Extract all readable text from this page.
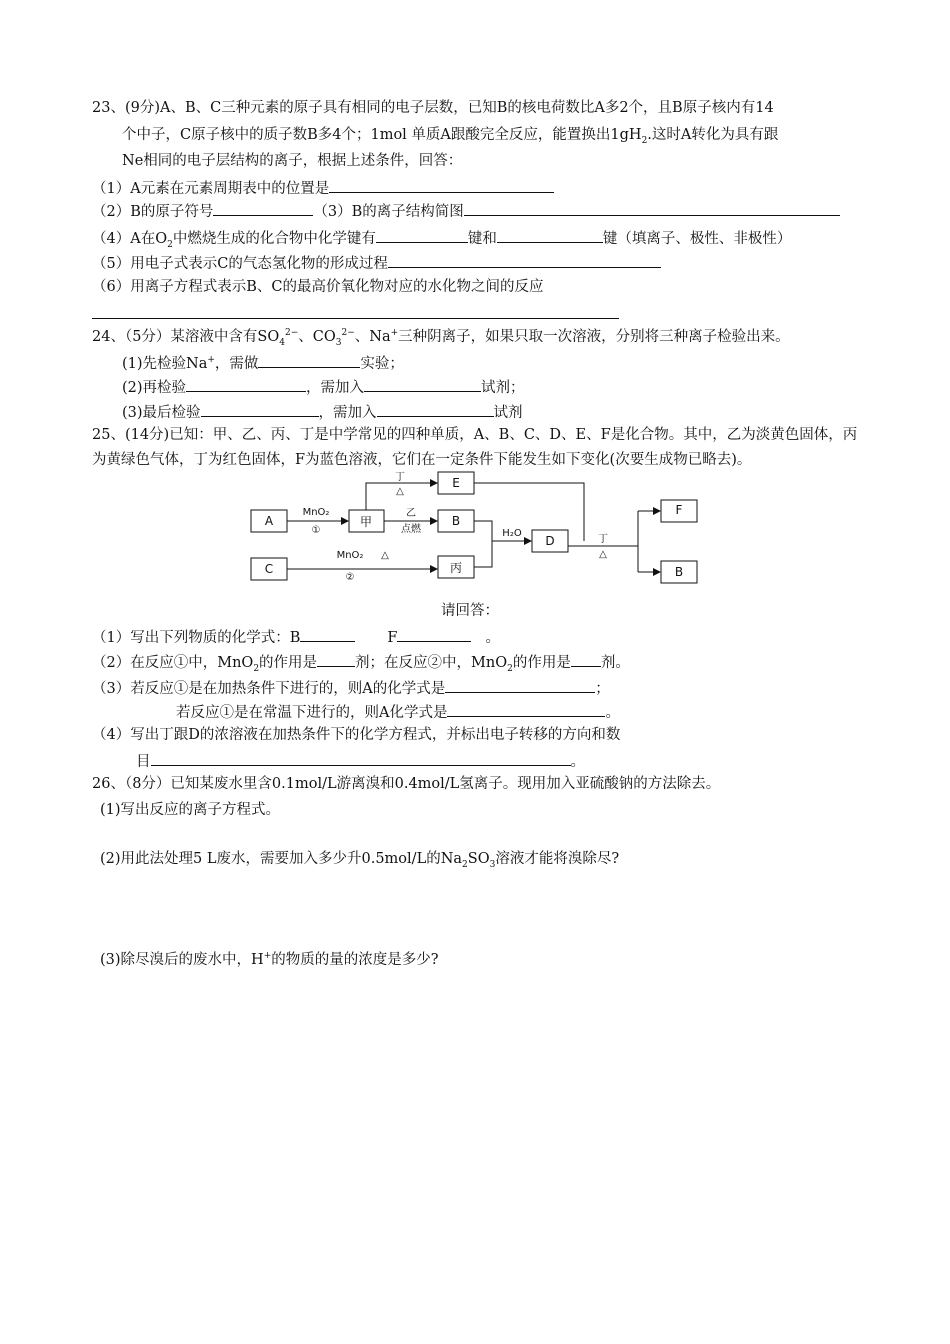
23、(9分)A、B、C三种元素的原子具有相同的电子层数，已知B的核电荷数比A多2个，且B原子核内有14
个中子，C原子核中的质子数B多4个；1mol 单质A跟酸完全反应，能置换出$1gH_2$.这时A转化为具有跟
Ne相同的电子层结构的离子，根据上述条件，回答：
（1）A元素在元素周期表中的位置是
（2）B的原子符号	（3）B的离子结构简图
（4）A在$O_2$中燃烧生成的化合物中化学键有	键和	键（填离子、极性、非极性）
（5）用电子式表示C的气态氢化物的形成过程
（6）用离子方程式表示B、C的最高价氧化物对应的水化物之间的反应
24、（5分）某溶液中含有$SO_4^{2-}$、$CO_3^{2-}$、Na+三种阴离子，如果只取一次溶液，分别将三种离子检验出来。
(1)先检验Na+，需做	实验；
(2)再检验	，需加入	试剂；
(3)最后检验	，需加入	试剂
25、(14分)已知：甲、乙、丙、丁是中学常见的四种单质，A、B、C、D、E、F是化合物。其中，乙为淡黄色固体，丙
为黄绿色气体，丁为红色固体，F为蓝色溶液，它们在一定条件下能发生如下变化(次要生成物已略去)。
A	甲
C	丙
E
B
D
F
B
MnO₂
①
MnO₂ △
②
丁
△
乙
点燃	H₂O
丁
△
请回答：
（1）写出下列物质的化学式：B	F	。
（2）在反应①中，MnO$_2$的作用是	剂；在反应②中，MnO$_2$的作用是 剂。
（3）若反应①是在加热条件下进行的，则A的化学式是	；
若反应①是在常温下进行的，则A化学式是	。
（4）写出丁跟D的浓溶液在加热条件下的化学方程式，并标出电子转移的方向和数
目	。
26、（8分）已知某废水里含0.1mol/L游离溴和0.4mol/L氢离子。现用加入亚硫酸钠的方法除去。
(1)写出反应的离子方程式。
(2)用此法处理5 L废水，需要加入多少升0.5mol/L的$Na_2SO_3$溶液才能将溴除尽?
(3)除尽溴后的废水中，H+的物质的量的浓度是多少?
